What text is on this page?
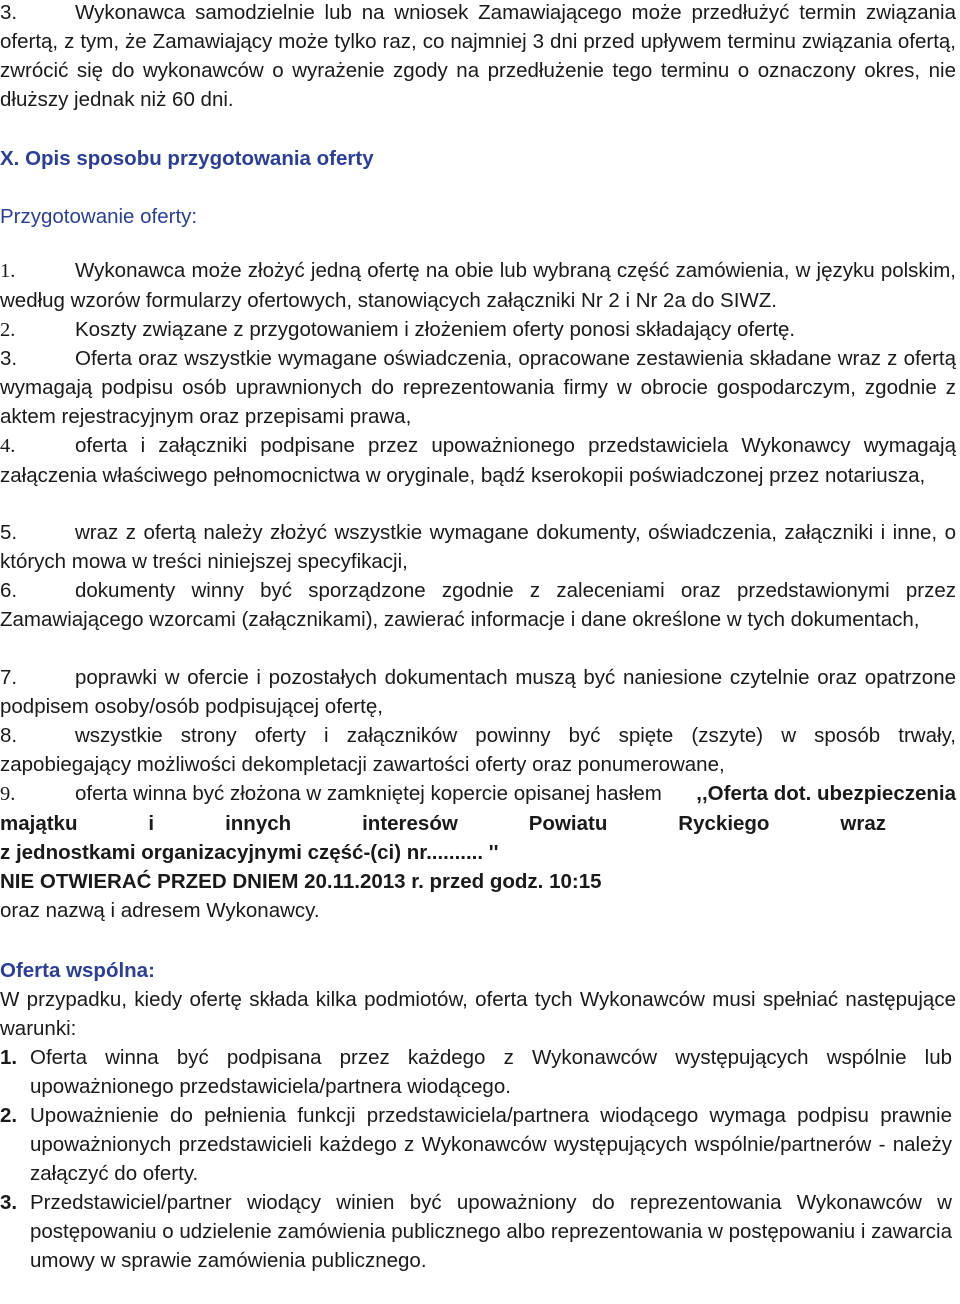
3.	Wykonawca samodzielnie lub na wniosek Zamawiającego może przedłużyć termin związania ofertą, z tym, że Zamawiający może tylko raz, co najmniej 3 dni przed upływem terminu związania ofertą, zwrócić się do wykonawców o wyrażenie zgody na przedłużenie tego terminu o oznaczony okres, nie dłuższy jednak niż 60 dni.
X. Opis sposobu przygotowania oferty
Przygotowanie oferty:
1.	Wykonawca może złożyć jedną ofertę na obie lub wybraną część zamówienia, w języku polskim, według wzorów formularzy ofertowych, stanowiących załączniki Nr 2 i Nr 2a do SIWZ.
2.	Koszty związane z przygotowaniem i złożeniem oferty ponosi składający ofertę.
3.	Oferta oraz wszystkie wymagane oświadczenia, opracowane zestawienia składane wraz z ofertą wymagają podpisu osób uprawnionych do reprezentowania firmy w obrocie gospodarczym, zgodnie z aktem rejestracyjnym oraz przepisami prawa,
4.	oferta i załączniki podpisane przez upoważnionego przedstawiciela Wykonawcy wymagają załączenia właściwego pełnomocnictwa w oryginale, bądź kserokopii poświadczonej przez notariusza,
5.	wraz z ofertą należy złożyć wszystkie wymagane dokumenty, oświadczenia, załączniki i inne, o których mowa w treści niniejszej specyfikacji,
6.	dokumenty winny być sporządzone zgodnie z zaleceniami oraz przedstawionymi przez Zamawiającego wzorcami (załącznikami), zawierać informacje i dane określone w tych dokumentach,
7.	poprawki w ofercie i pozostałych dokumentach muszą być naniesione czytelnie oraz opatrzone podpisem osoby/osób podpisującej ofertę,
8.	wszystkie strony oferty i załączników powinny być spięte (zszyte) w sposób trwały, zapobiegający możliwości dekompletacji zawartości oferty oraz ponumerowane,
9.	oferta winna być złożona w zamkniętej kopercie opisanej hasłem ,,Oferta dot. ubezpieczenia
majątku i innych interesów Powiatu Ryckiego wraz
z jednostkami organizacyjnymi część-(ci) nr.......... ''
NIE OTWIERAĆ PRZED DNIEM 20.11.2013 r. przed godz. 10:15
oraz nazwą i adresem Wykonawcy.
Oferta wspólna:
W przypadku, kiedy ofertę składa kilka podmiotów, oferta tych Wykonawców musi spełniać następujące warunki:
1. Oferta winna być podpisana przez każdego z Wykonawców występujących wspólnie lub upoważnionego przedstawiciela/partnera wiodącego.
2. Upoważnienie do pełnienia funkcji przedstawiciela/partnera wiodącego wymaga podpisu prawnie upoważnionych przedstawicieli każdego z Wykonawców występujących wspólnie/partnerów - należy załączyć do oferty.
3. Przedstawiciel/partner wiodący winien być upoważniony do reprezentowania Wykonawców w postępowaniu o udzielenie zamówienia publicznego albo reprezentowania w postępowaniu i zawarcia umowy w sprawie zamówienia publicznego.
